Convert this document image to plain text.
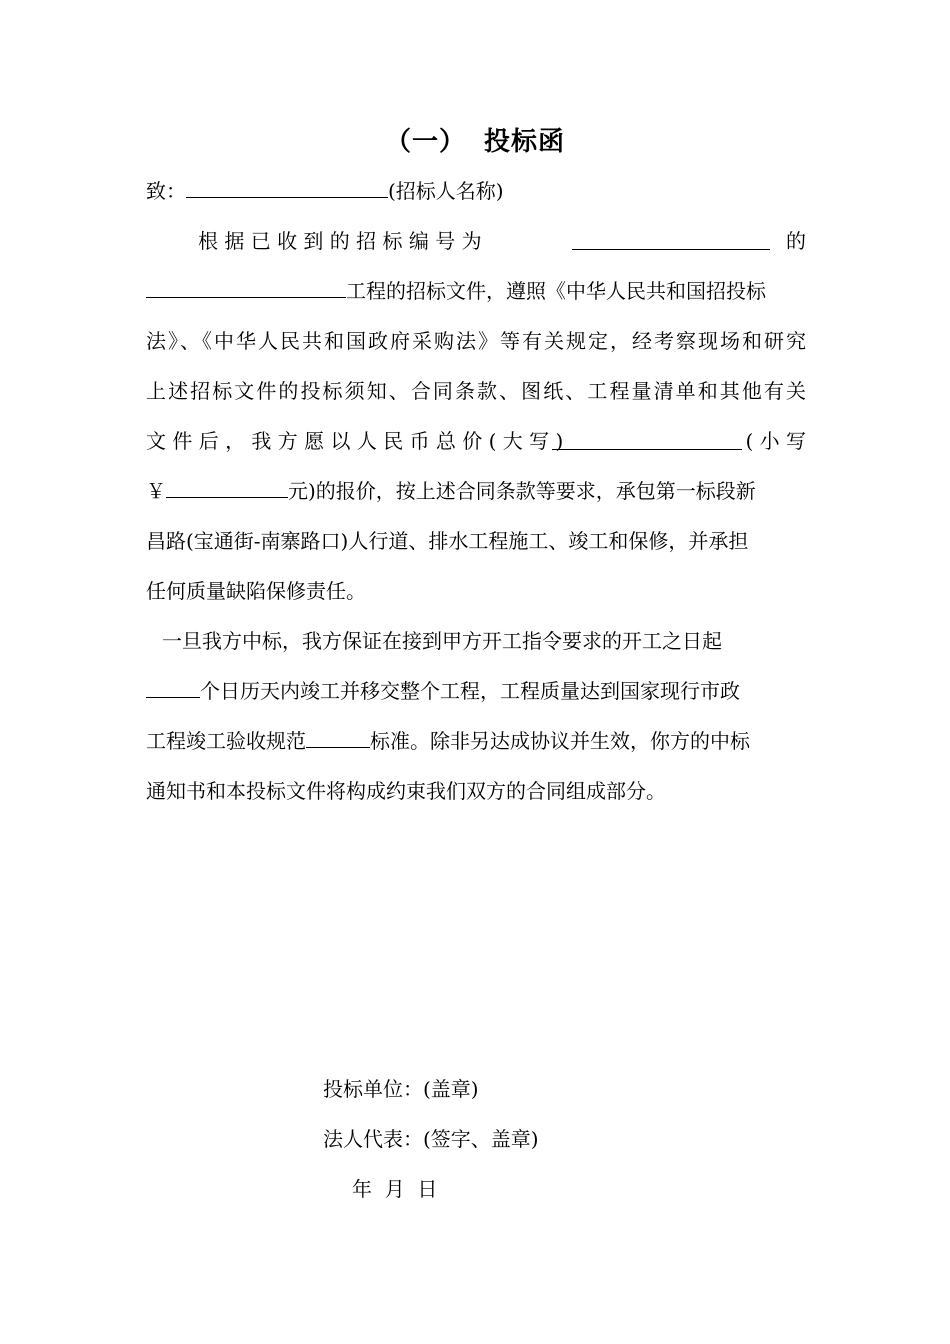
（一） 投标函
致：	(招标人名称)
根 据 已 收 到 的 招 标 编 号 为	的
工程的招标文件，遵照《中华人民共和国招投标
法》、《中华人民共和国政府采购法》等有关规定，经考察现场和研究
上述招标文件的投标须知、合同条款、图纸、工程量清单和其他有关
文 件 后 ， 我 方 愿 以 人 民 币 总 价 ( 大 写 )	( 小 写
￥	元)的报价，按上述合同条款等要求，承包第一标段新
昌路(宝通街-南寨路口)人行道、排水工程施工、竣工和保修，并承担
任何质量缺陷保修责任。
一旦我方中标，我方保证在接到甲方开工指令要求的开工之日起
个日历天内竣工并移交整个工程，工程质量达到国家现行市政
工程竣工验收规范	标准。除非另达成协议并生效，你方的中标
通知书和本投标文件将构成约束我们双方的合同组成部分。
投标单位：(盖章)
法人代表：(签字、盖章)
年  月  日
